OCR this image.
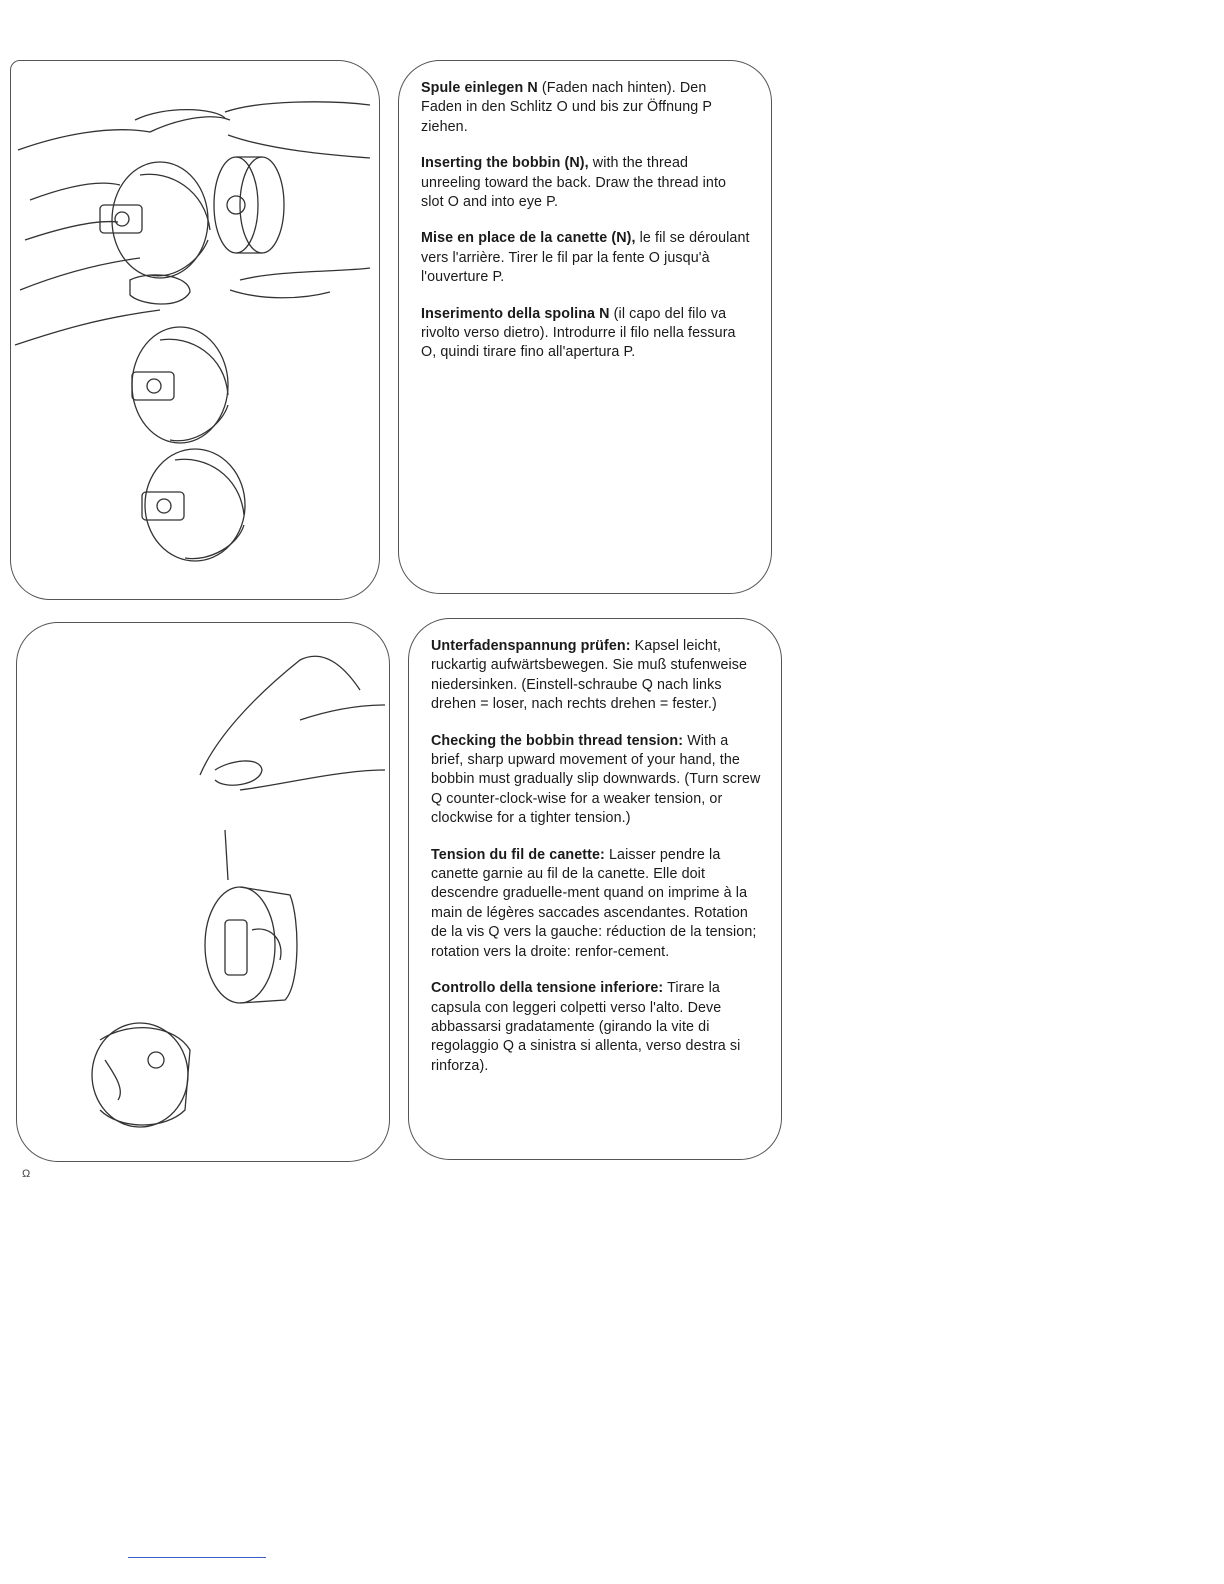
Spule einlegen N (Faden nach hinten). Den Faden in den Schlitz O und bis zur Öffnung P ziehen.

Inserting the bobbin (N), with the thread unreeling toward the back. Draw the thread into slot O and into eye P.

Mise en place de la canette (N), le fil se déroulant vers l'arrière. Tirer le fil par la fente O jusqu'à l'ouverture P.

Inserimento della spolina N (il capo del filo va rivolto verso dietro). Introdurre il filo nella fessura O, quindi tirare fino all'apertura P.

Unterfadenspannung prüfen: Kapsel leicht, ruckartig aufwärtsbewegen. Sie muß stufenweise niedersinken. (Einstell-schraube Q nach links drehen = loser, nach rechts drehen = fester.)

Checking the bobbin thread tension: With a brief, sharp upward movement of your hand, the bobbin must gradually slip downwards. (Turn screw Q counter-clock-wise for a weaker tension, or clockwise for a tighter tension.)

Tension du fil de canette: Laisser pendre la canette garnie au fil de la canette. Elle doit descendre graduelle-ment quand on imprime à la main de légères saccades ascendantes. Rotation de la vis Q vers la gauche: réduction de la tension; rotation vers la droite: renfor-cement.

Controllo della tensione inferiore: Tirare la capsula con leggeri colpetti verso l'alto. Deve abbassarsi gradatamente (girando la vite di regolaggio Q a sinistra si allenta, verso destra si rinforza).

Ω
